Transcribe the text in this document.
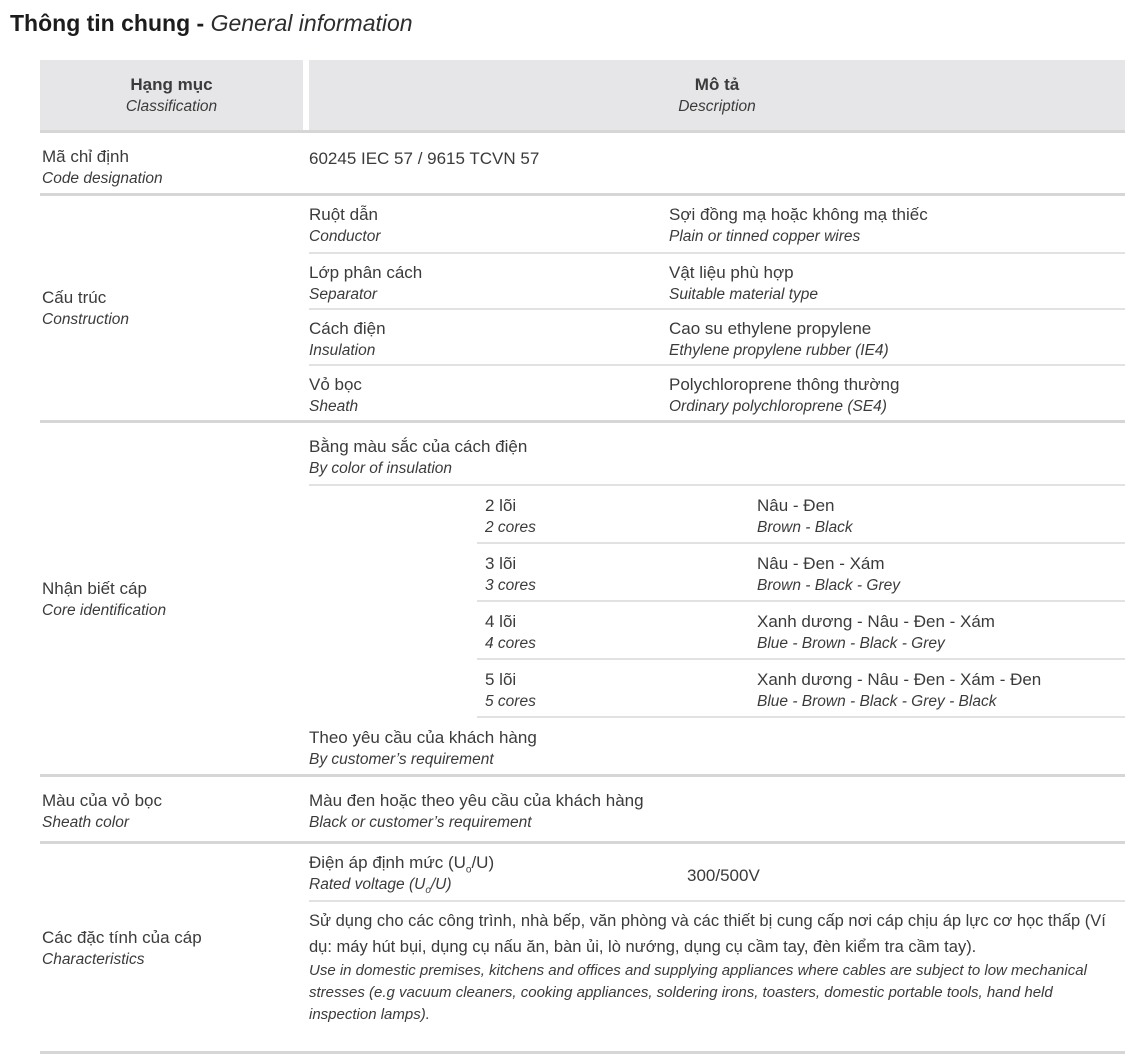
Thông tin chung - General information
Hạng mục
Classification
Mô tả
Description
Mã chỉ định
Code designation
60245 IEC 57 / 9615 TCVN 57
Cấu trúc
Construction
Ruột dẫn
Conductor
Sợi đồng mạ hoặc không mạ thiếc
Plain or tinned copper wires
Lớp phân cách
Separator
Vật liệu phù hợp
Suitable material type
Cách điện
Insulation
Cao su ethylene propylene
Ethylene propylene rubber (IE4)
Vỏ bọc
Sheath
Polychloroprene thông thường
Ordinary polychloroprene (SE4)
Nhận biết cáp
Core identification
Bằng màu sắc của cách điện
By color of insulation
2 lõi
2 cores
Nâu - Đen
Brown - Black
3 lõi
3 cores
Nâu - Đen - Xám
Brown - Black - Grey
4 lõi
4 cores
Xanh dương - Nâu - Đen - Xám
Blue - Brown - Black - Grey
5 lõi
5 cores
Xanh dương - Nâu - Đen - Xám - Đen
Blue - Brown - Black - Grey - Black
Theo yêu cầu của khách hàng
By customer’s requirement
Màu của vỏ bọc
Sheath color
Màu đen hoặc theo yêu cầu của khách hàng
Black or customer’s requirement
Các đặc tính của cáp
Characteristics
Điện áp định mức $(U_o/U)$
Rated voltage $(U_o/U)$	300/500V

Sử dụng cho các công trình, nhà bếp, văn phòng và các thiết bị cung cấp nơi cáp chịu áp lực cơ học thấp (Ví dụ: máy hút bụi, dụng cụ nấu ăn, bàn ủi, lò nướng, dụng cụ cầm tay, đèn kiểm tra cầm tay).

Use in domestic premises, kitchens and offices and supplying appliances where cables are subject to low mechanical stresses (e.g vacuum cleaners, cooking appliances, soldering irons, toasters, domestic portable tools, hand held inspection lamps).
